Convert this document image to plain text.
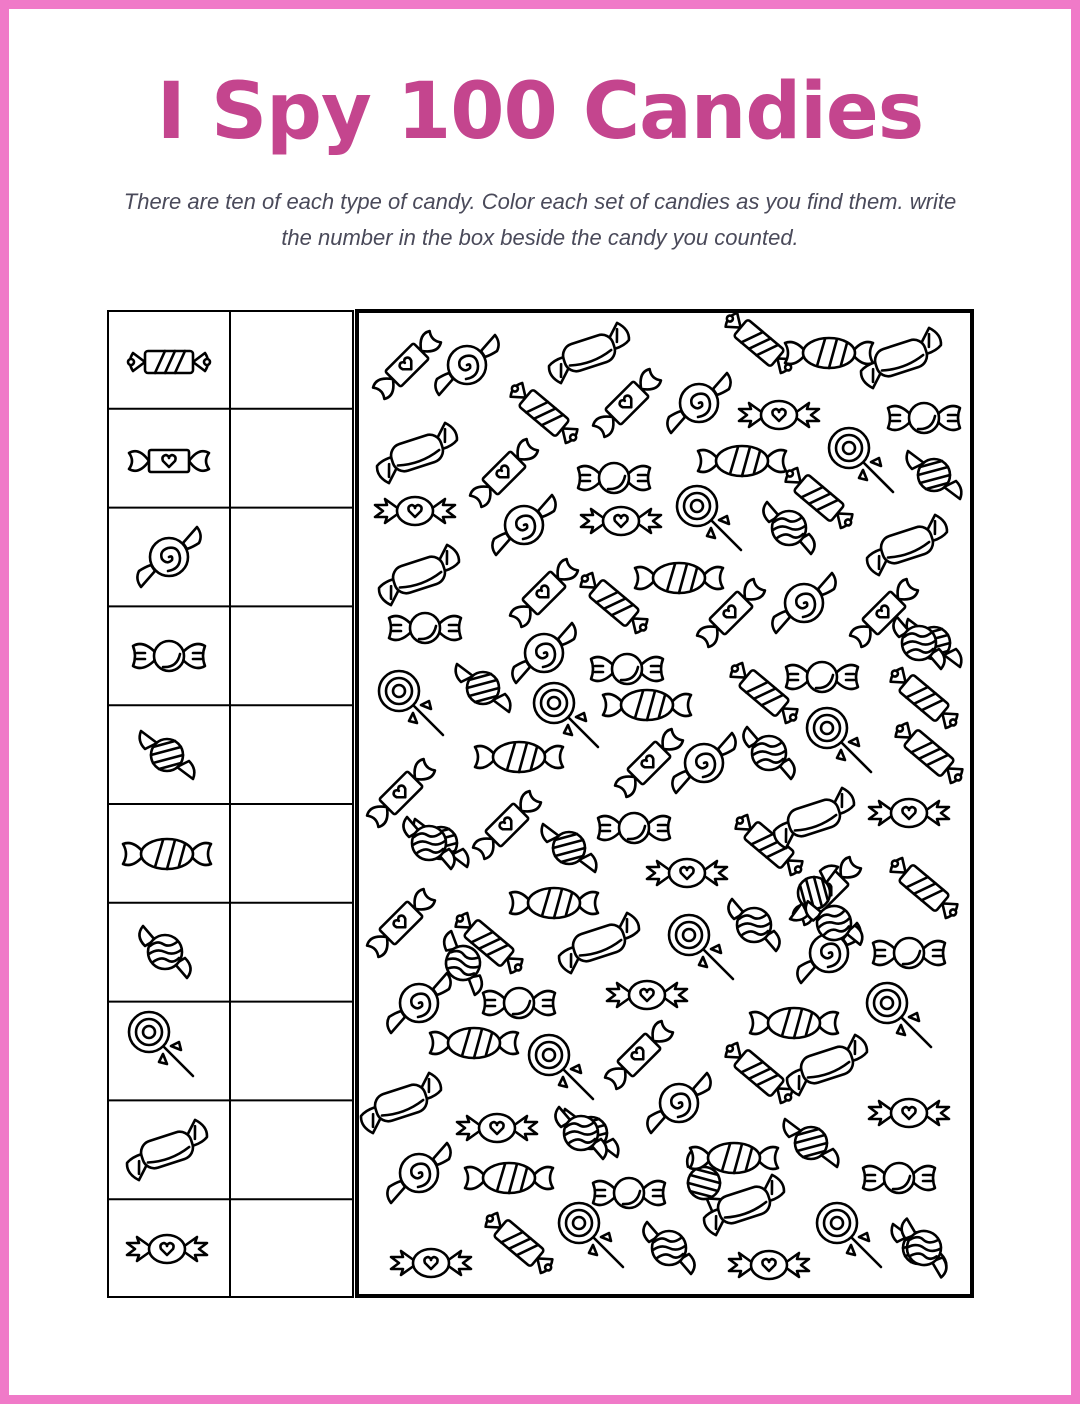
I Spy 100 Candies
There are ten of each type of candy. Color each set of candies as you find them. write the number in the box beside the candy you counted.
